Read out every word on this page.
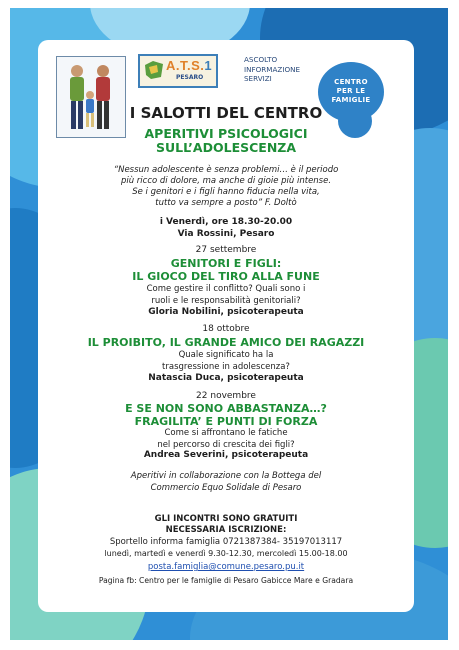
A.T.S.1
PESARO
ASCOLTO
INFORMAZIONE
SERVIZI	CENTRO
PER LE
FAMIGLIE
I SALOTTI DEL CENTRO
APERITIVI PSICOLOGICI
SULL’ADOLESCENZA
“Nessun adolescente è senza problemi… è il periodo
più ricco di dolore, ma anche di gioie più intense.
Se i genitori e i figli hanno fiducia nella vita,
tutto va sempre a posto” F. Doltò
i Venerdì, ore 18.30-20.00
Via Rossini, Pesaro
27 settembre
GENITORI E FIGLI:
IL GIOCO DEL TIRO ALLA FUNE
Come gestire il conflitto? Quali sono i
ruoli e le responsabilità genitoriali?
Gloria Nobilini, psicoterapeuta
18 ottobre
IL PROIBITO, IL GRANDE AMICO DEI RAGAZZI
Quale significato ha la
trasgressione in adolescenza?
Natascia Duca, psicoterapeuta
22 novembre
E SE NON SONO ABBASTANZA…?
FRAGILITA’ E PUNTI DI FORZA
Come si affrontano le fatiche
nel percorso di crescita dei figli?
Andrea Severini, psicoterapeuta
Aperitivi in collaborazione con la Bottega del
Commercio Equo Solidale di Pesaro
GLI INCONTRI SONO GRATUITI
NECESSARIA ISCRIZIONE:
Sportello informa famiglia 0721387384- 35197013117
lunedì, martedì e venerdì 9.30-12.30, mercoledì 15.00-18.00
posta.famiglia@comune.pesaro.pu.it
Pagina fb: Centro per le famiglie di Pesaro Gabicce Mare e Gradara
